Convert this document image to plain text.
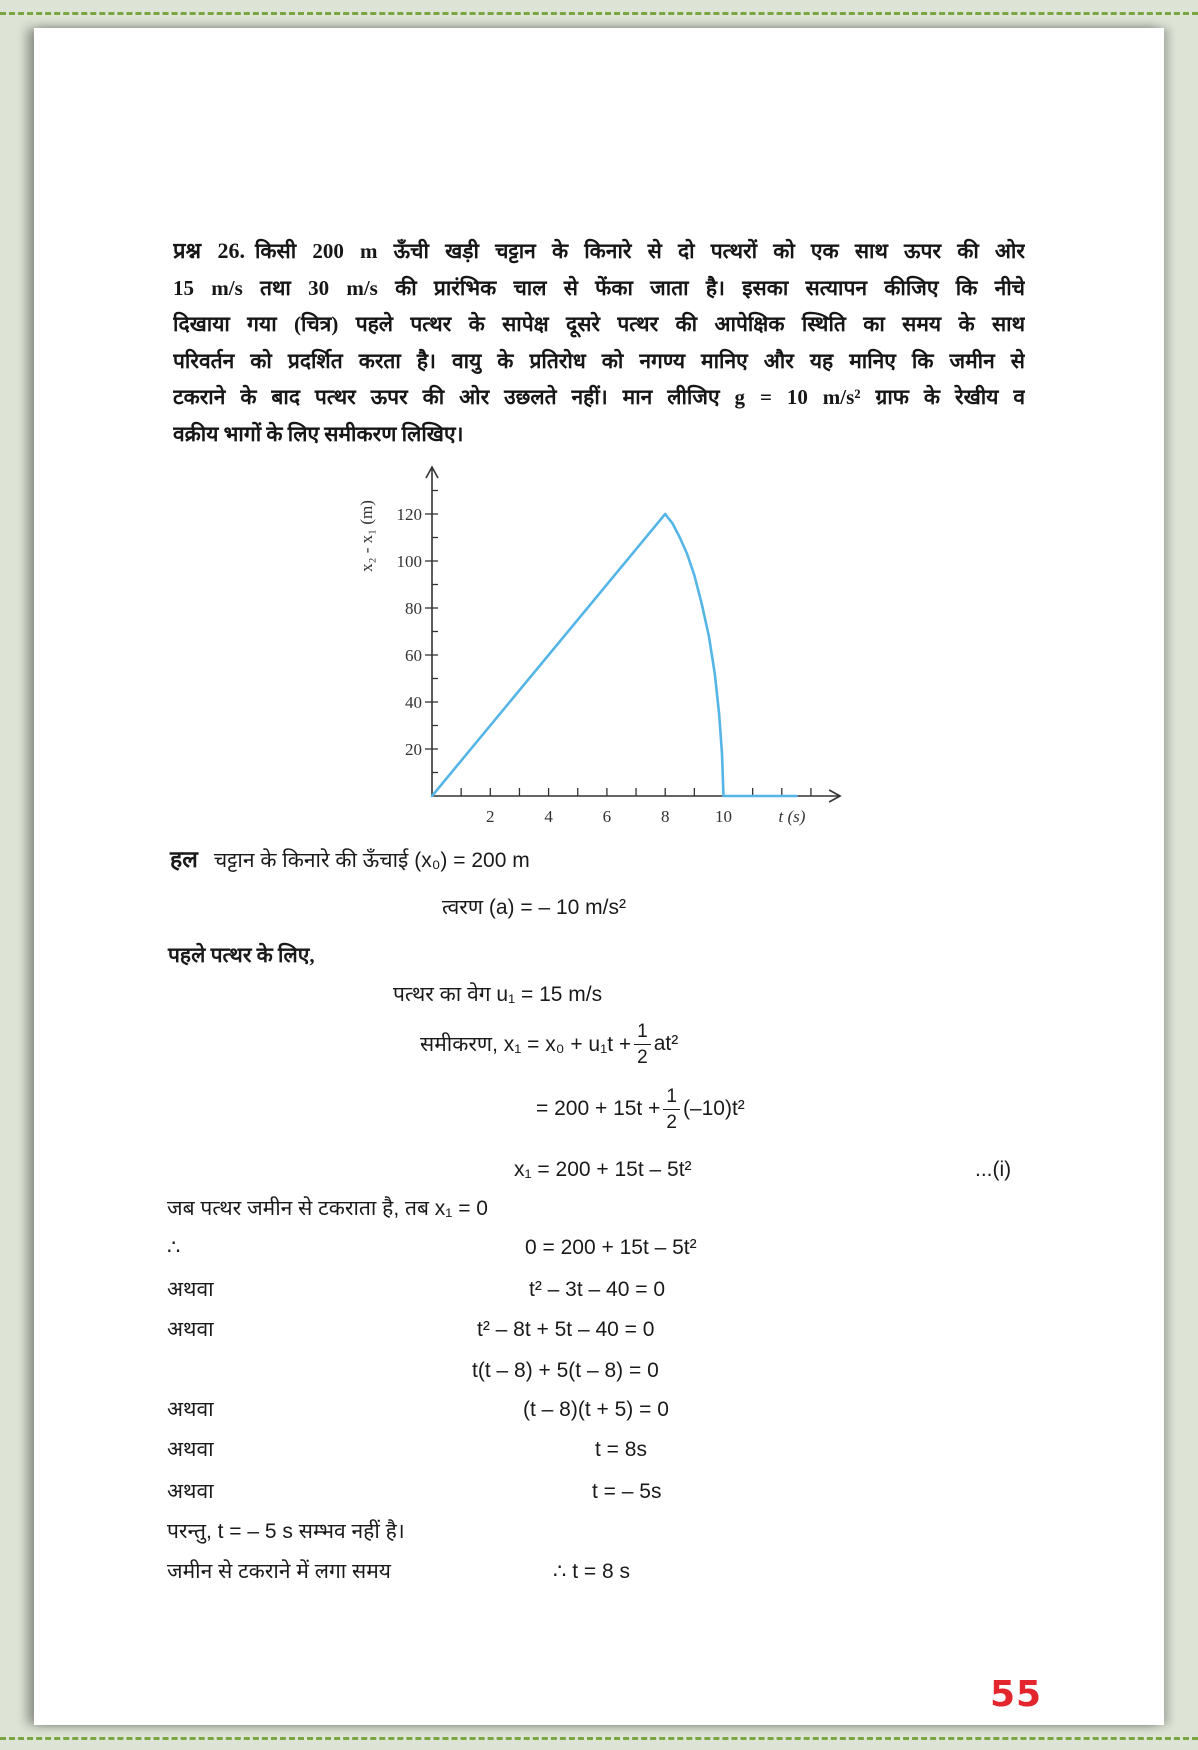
प्रश्न 26. किसी 200 m ऊँची खड़ी चट्टान के किनारे से दो पत्थरों को एक साथ ऊपर की ओर
15 m/s तथा 30 m/s की प्रारंभिक चाल से फेंका जाता है। इसका सत्यापन कीजिए कि नीचे
दिखाया गया (चित्र) पहले पत्थर के सापेक्ष दूसरे पत्थर की आपेक्षिक स्थिति का समय के साथ
परिवर्तन को प्रदर्शित करता है। वायु के प्रतिरोध को नगण्य मानिए और यह मानिए कि जमीन से
टकराने के बाद पत्थर ऊपर की ओर उछलते नहीं। मान लीजिए g = 10 m/s² ग्राफ के रेखीय व
वक्रीय भागों के लिए समीकरण लिखिए।
x₂ - x₁ (m)
t (s)
20
40
60
80
100
120
2	4	6	8	10
हल चट्टान के किनारे की ऊँचाई (x₀) = 200 m
त्वरण (a) = – 10 m/s²
पहले पत्थर के लिए,
पत्थर का वेग u₁ = 15 m/s
समीकरण, $x_1 = x_0 + u_1t + \frac{1}{2} at^2$
= $200 + 15t + \frac{1}{2} (-10)t^2$
x₁ = 200 + 15t – 5t²	...(i)
जब पत्थर जमीन से टकराता है, तब x₁ = 0
∴	0 = 200 + 15t – 5t²
अथवा	t² – 3t – 40 = 0
अथवा	t² – 8t + 5t – 40 = 0
t(t – 8) + 5(t – 8) = 0
अथवा	(t – 8)(t + 5) = 0
अथवा	t = 8s
अथवा	t = – 5s
परन्तु, t = – 5 s सम्भव नहीं है।
जमीन से टकराने में लगा समय	∴ t = 8 s
55
